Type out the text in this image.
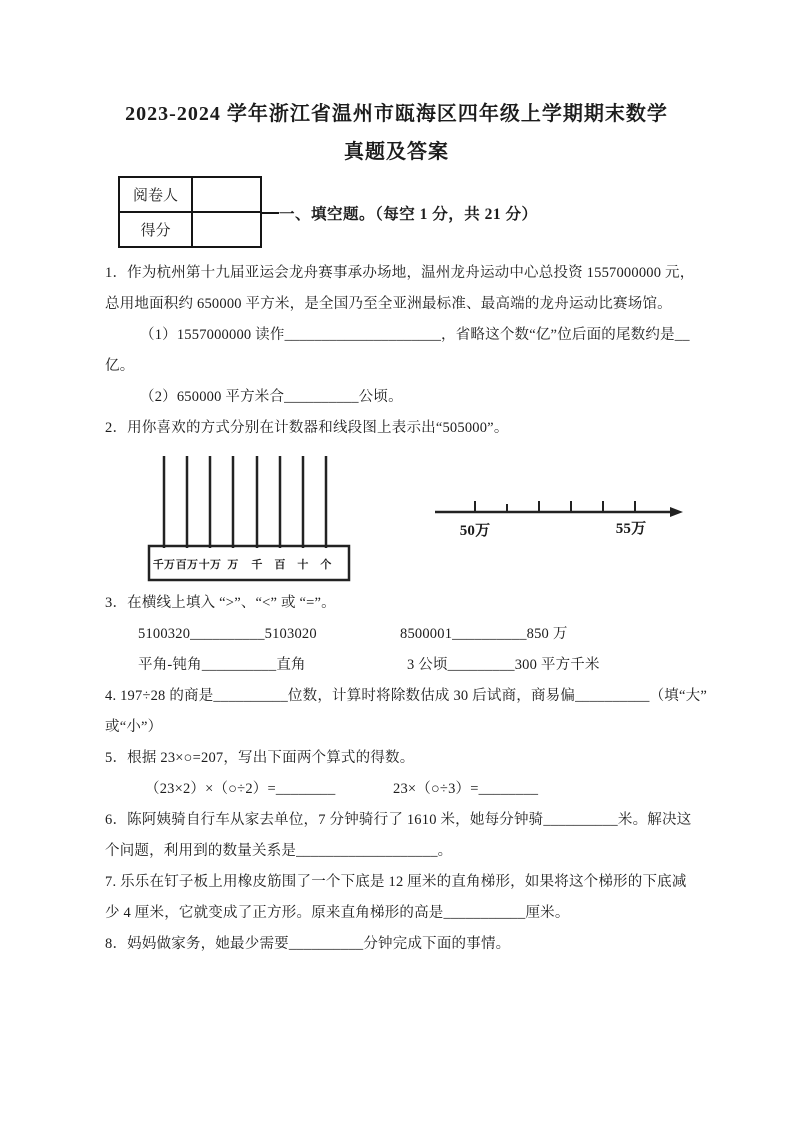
2023-2024 学年浙江省温州市瓯海区四年级上学期期末数学
真题及答案
阅卷人	
得分	
一、填空题。（每空 1 分，共 21 分）
1．作为杭州第十九届亚运会龙舟赛事承办场地，温州龙舟运动中心总投资 1557000000 元，
总用地面积约 650000 平方米，是全国乃至全亚洲最标准、最高端的龙舟运动比赛场馆。
（1）1557000000 读作_____________________，省略这个数“亿”位后面的尾数约是__
亿。
（2）650000 平方米合__________公顷。
2．用你喜欢的方式分别在计数器和线段图上表示出“505000”。
千万 百万 十万 万 千 百 十 个
50万	55万
3．在横线上填入 “>”、“<” 或 “=”。
5100320__________5103020	8500001__________850 万
平角-钝角__________直角	3 公顷_________300 平方千米
4. 197÷28 的商是__________位数，计算时将除数估成 30 后试商，商易偏__________（填“大”
或“小”）
5．根据 23×○=207，写出下面两个算式的得数。
（23×2）×（○÷2）=________	23×（○÷3）=________
6．陈阿姨骑自行车从家去单位，7 分钟骑行了 1610 米，她每分钟骑__________米。解决这
个问题，利用到的数量关系是___________________。
7. 乐乐在钉子板上用橡皮筋围了一个下底是 12 厘米的直角梯形，如果将这个梯形的下底减
少 4 厘米，它就变成了正方形。原来直角梯形的高是___________厘米。
8．妈妈做家务，她最少需要__________分钟完成下面的事情。
